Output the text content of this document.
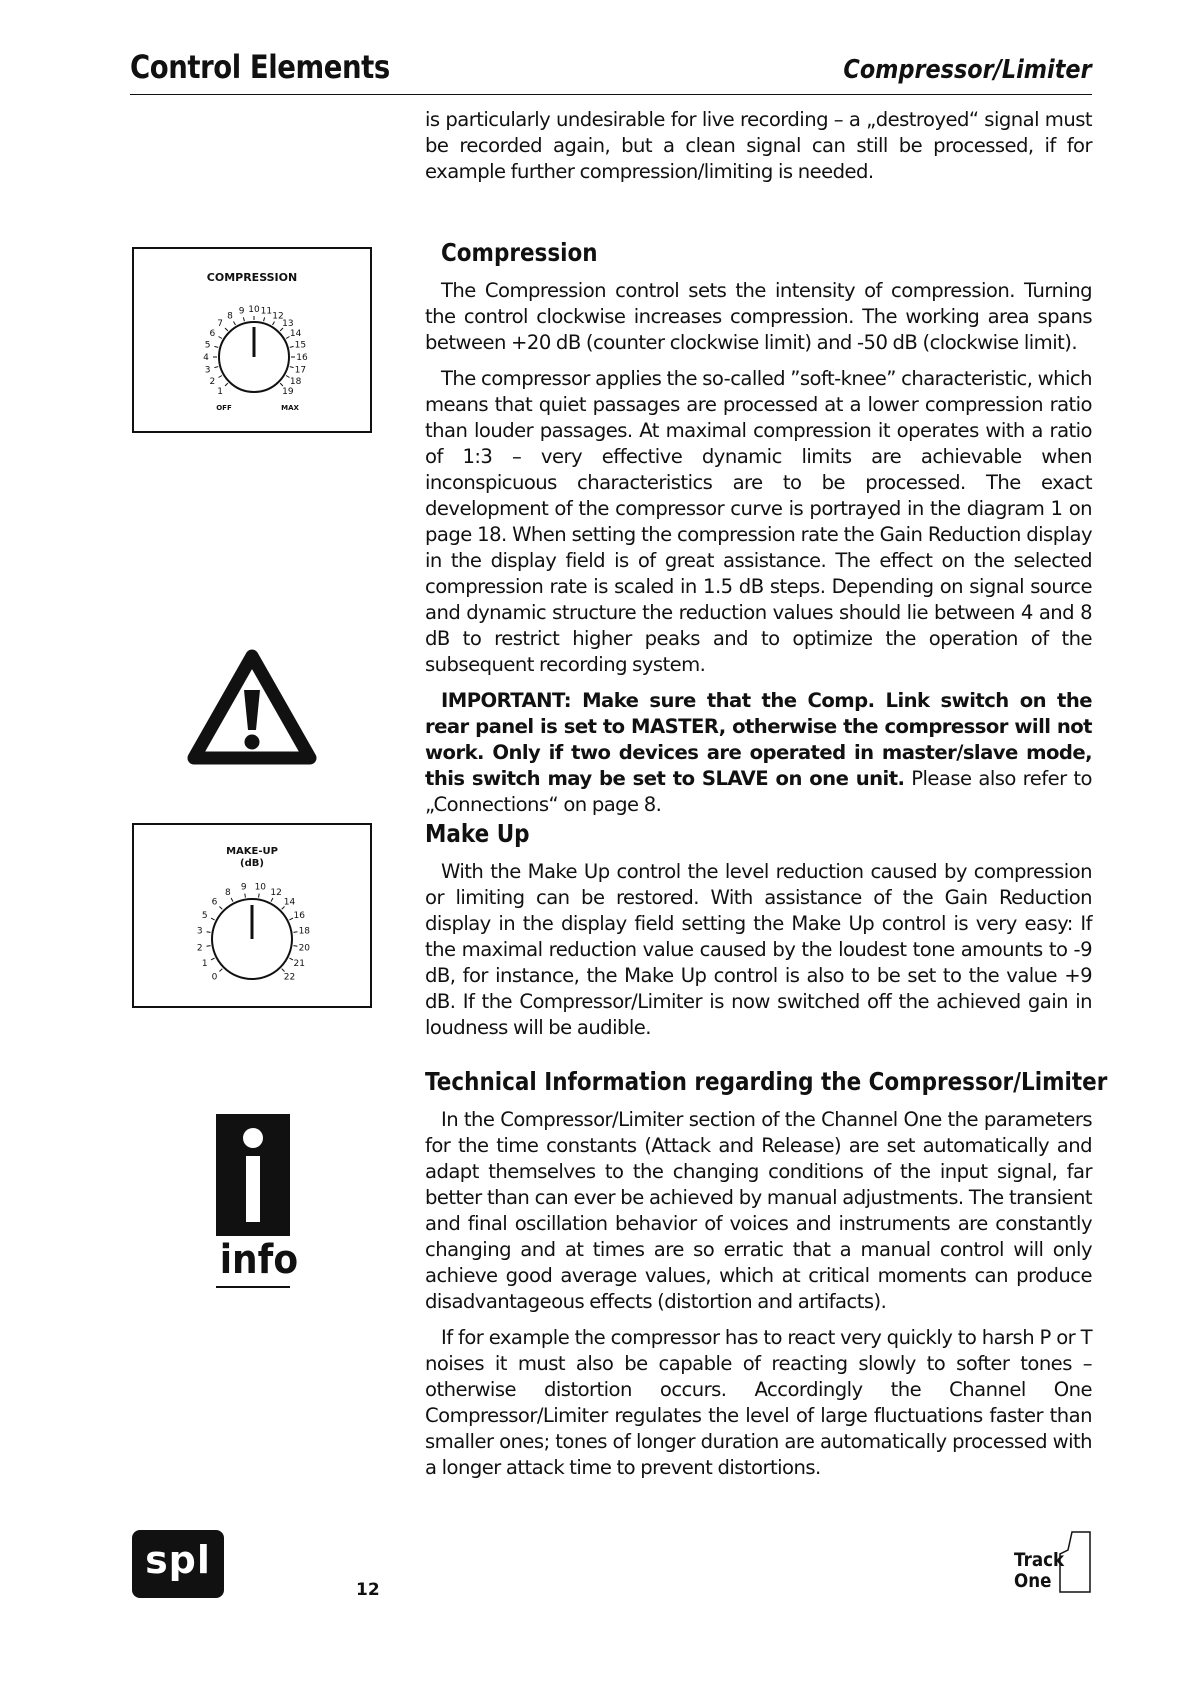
Control Elements	Compressor/Limiter

is particularly undesirable for live recording – a „destroyed“ signal must be recorded again, but a clean signal can still be processed, if for example further compression/limiting is needed.

COMPRESSION
1
2
3
4
5
6
7
8 9 10 11 12
13
14
15
16
17
18
19
OFF	MAX
Compression

The Compression control sets the intensity of compression. Turning the control clockwise increases compression. The working area spans between +20 dB (counter clockwise limit) and -50 dB (clockwise limit).

The compressor applies the so-called ”soft-knee” characteristic, which means that quiet passages are processed at a lower compression ratio than louder passages. At maximal compression it operates with a ratio of 1:3 – very effective dynamic limits are achievable when inconspicuous characteristics are to be processed. The exact development of the compressor curve is portrayed in the diagram 1 on page 18. When setting the compression rate the Gain Reduction display in the display field is of great assistance. The effect on the selected compression rate is scaled in 1.5 dB steps. Depending on signal source and dynamic structure the reduction values should lie between 4 and 8 dB to restrict higher peaks and to optimize the operation of the subsequent recording system.

IMPORTANT: Make sure that the Comp. Link switch on the rear panel is set to MASTER, otherwise the compressor will not work. Only if two devices are operated in master/slave mode, this switch may be set to SLAVE on one unit. Please also refer to „Connections“ on page 8.

MAKE-UP
(dB)
0
1
2
3
5
6
8
9 10
12
14
16
18
20
21
22
Make Up

With the Make Up control the level reduction caused by compression or limiting can be restored. With assistance of the Gain Reduction display in the display field setting the Make Up control is very easy: If the maximal reduction value caused by the loudest tone amounts to -9 dB, for instance, the Make Up control is also to be set to the value +9 dB. If the Compressor/Limiter is now switched off the achieved gain in loudness will be audible.

info
Technical Information regarding the Compressor/Limiter

In the Compressor/Limiter section of the Channel One the parameters for the time constants (Attack and Release) are set automatically and adapt themselves to the changing conditions of the input signal, far better than can ever be achieved by manual adjustments. The transient and final oscillation behavior of voices and instruments are constantly changing and at times are so erratic that a manual control will only achieve good average values, which at critical moments can produce disadvantageous effects (distortion and artifacts).

If for example the compressor has to react very quickly to harsh P or T noises it must also be capable of reacting slowly to softer tones – otherwise distortion occurs. Accordingly the Channel One Compressor/Limiter regulates the level of large fluctuations faster than smaller ones; tones of longer duration are automatically processed with a longer attack time to prevent distortions.

spl
12
Track
One
